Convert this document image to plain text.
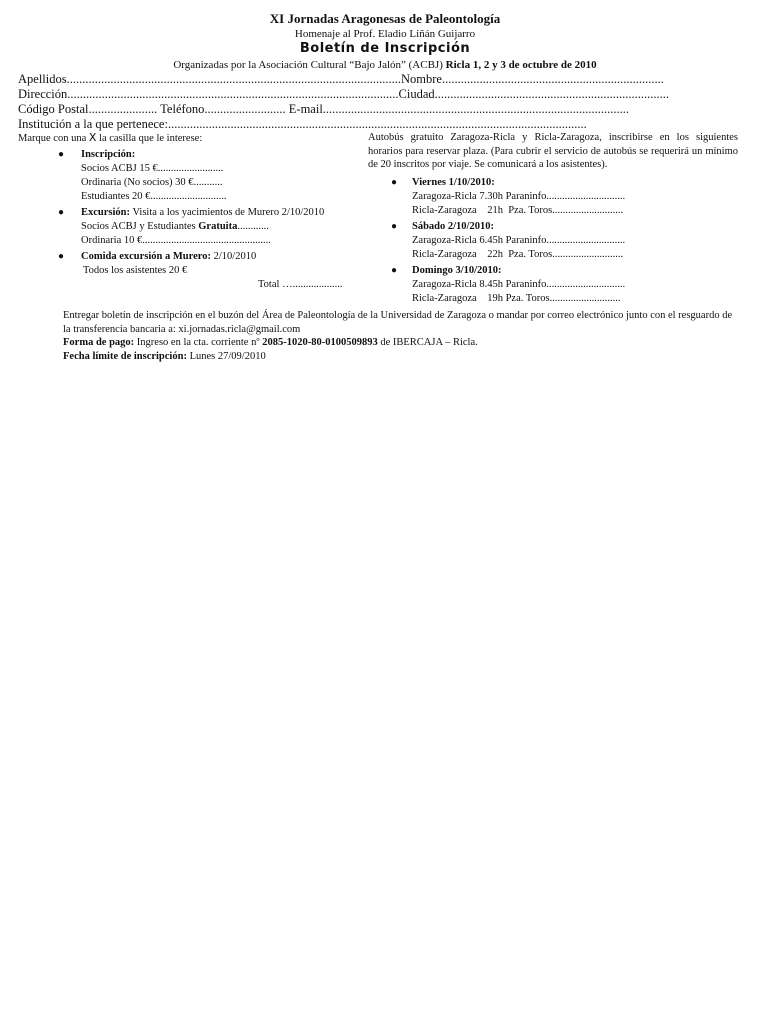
XI Jornadas Aragonesas de Paleontología
Homenaje al Prof. Eladio Liñán Guijarro
Boletín de Inscripción
Organizadas por la Asociación Cultural “Bajo Jalón” (ACBJ) Ricla 1, 2 y 3 de octubre de 2010
Apellidos...........................................................................................................Nombre.......................................................................
Dirección..........................................................................................................Ciudad...........................................................................
Código Postal...................... Teléfono.......................... E-mail..................................................................................................
Institución a la que pertenece:......................................................................................................................................
Marque con una X la casilla que le interese:
● Inscripción:
Socios ACBJ 15 €.........................
Ordinaria (No socios) 30 €...........
Estudiantes 20 €.............................
● Excursión: Visita a los yacimientos de Murero 2/10/2010
Socios ACBJ y Estudiantes Gratuita............
Ordinaria 10 €.................................................
● Comida excursión a Murero: 2/10/2010
Todos los asistentes 20 €
Total …...................
Autobús gratuito Zaragoza-Ricla y Ricla-Zaragoza, inscribirse en los siguientes horarios para reservar plaza. (Para cubrir el servicio de autobús se requerirá un mínimo de 20 inscritos por viaje. Se comunicará a los asistentes).
● Viernes 1/10/2010:
Zaragoza-Ricla 7.30h Paraninfo..............................
Ricla-Zaragoza    21h  Pza. Toros...........................
● Sábado 2/10/2010:
Zaragoza-Ricla 6.45h Paraninfo..............................
Ricla-Zaragoza    22h  Pza. Toros...........................
● Domingo 3/10/2010:
Zaragoza-Ricla 8.45h Paraninfo..............................
Ricla-Zaragoza    19h Pza. Toros...........................
Entregar boletín de inscripción en el buzón del Área de Paleontología de la Universidad de Zaragoza o mandar por correo electrónico junto con el resguardo de la transferencia bancaria a: xi.jornadas.ricla@gmail.com
Forma de pago: Ingreso en la cta. corriente nº 2085-1020-80-0100509893 de IBERCAJA – Ricla.
Fecha límite de inscripción: Lunes 27/09/2010
